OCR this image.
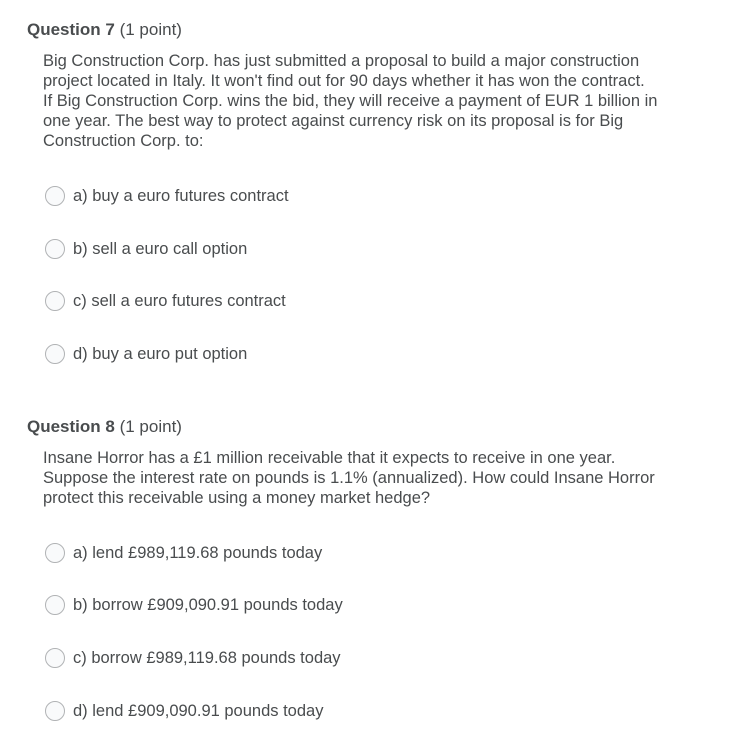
Question 7 (1 point)
Big Construction Corp. has just submitted a proposal to build a major construction
project located in Italy. It won't find out for 90 days whether it has won the contract.
If Big Construction Corp. wins the bid, they will receive a payment of EUR 1 billion in
one year. The best way to protect against currency risk on its proposal is for Big
Construction Corp. to:
a) buy a euro futures contract
b) sell a euro call option
c) sell a euro futures contract
d) buy a euro put option
Question 8 (1 point)
Insane Horror has a £1 million receivable that it expects to receive in one year.
Suppose the interest rate on pounds is 1.1% (annualized). How could Insane Horror
protect this receivable using a money market hedge?
a) lend £989,119.68 pounds today
b) borrow £909,090.91 pounds today
c) borrow £989,119.68 pounds today
d) lend £909,090.91 pounds today
